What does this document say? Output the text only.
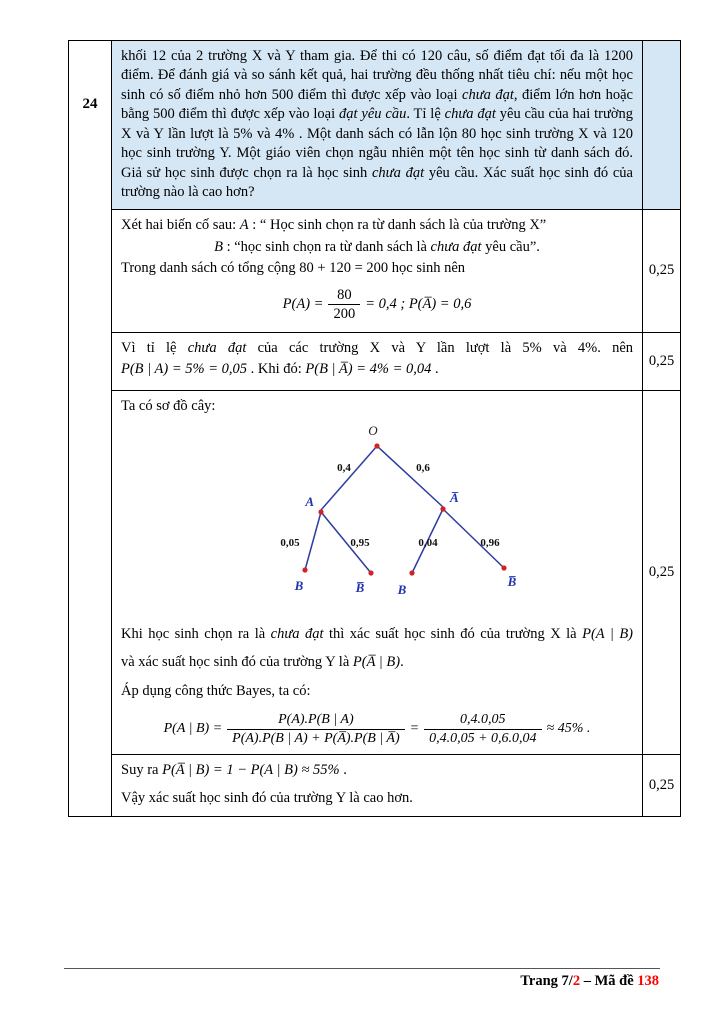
24	khối 12 của 2 trường X và Y tham gia. Để thi có 120 câu, số điểm đạt tối đa là 1200 điểm. Để đánh giá và so sánh kết quả, hai trường đều thống nhất tiêu chí: nếu một học sinh có số điểm nhỏ hơn 500 điểm thì được xếp vào loại chưa đạt, điểm lớn hơn hoặc bằng 500 điểm thì được xếp vào loại đạt yêu cầu. Tỉ lệ chưa đạt yêu cầu của hai trường X và Y lần lượt là 5% và 4% . Một danh sách có lẫn lộn 80 học sinh trường X và 120 học sinh trường Y. Một giáo viên chọn ngẫu nhiên một tên học sinh từ danh sách đó. Giả sử học sinh được chọn ra là học sinh chưa đạt yêu cầu. Xác suất học sinh đó của trường nào là cao hơn?	

Xét hai biến cố sau: A : “ Học sinh chọn ra từ danh sách là của trường X”

B : “học sinh chọn ra từ danh sách là chưa đạt yêu cầu”.

Trong danh sách có tổng cộng 80 + 120 = 200 học sinh nên

$P(A) = \frac{80}{200} = 0,4$ ; P(A̅) = 0,6
	0,25

	Vì tỉ lệ chưa đạt của các trường X và Y lần lượt là 5% và 4%. nên

P(B | A) = 5% = 0,05 . Khi đó: P(B | A̅) = 4% = 0,04 .	0,25

Ta có sơ đồ cây:

O
0,4	0,6
A	A̅
0,05	0,95	0,04	0,96
B	B̅	B
B̅

Khi học sinh chọn ra là chưa đạt thì xác suất học sinh đó của trường X là P(A | B)

và xác suất học sinh đó của trường Y là P(A̅ | B).

Áp dụng công thức Bayes, ta có:

P(A | $B) = \frac{P(A).P(B | A)}{P(A).P(B | A) + P(A̅).P(B | A̅)} = \frac{0,4.0,05}{0,4.0,05 + 0,6.0,04} \approx 45\%$ .
	0,25

	Suy ra P(A̅ | B) = 1 − P(A | B) ≈ 55% .

Vậy xác suất học sinh đó của trường Y là cao hơn.	0,25
Trang 7/2 – Mã đề 138
